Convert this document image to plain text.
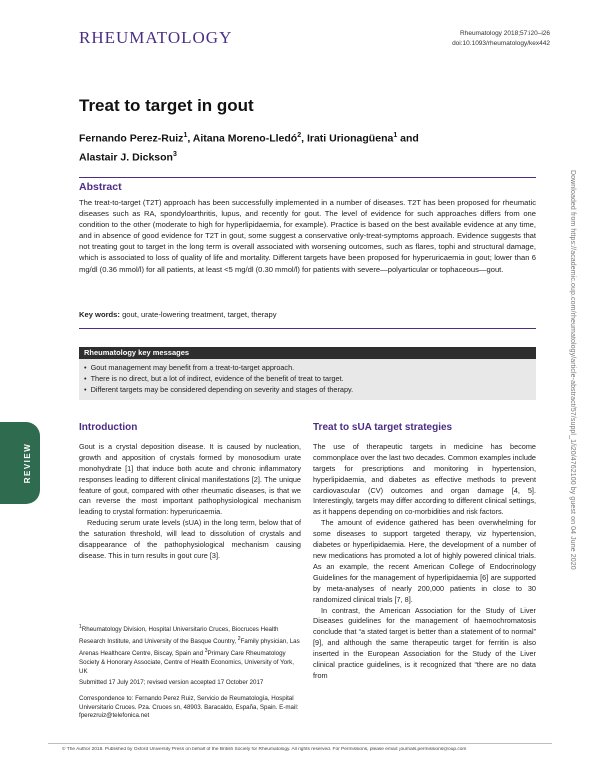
RHEUMATOLOGY	Rheumatology 2018;57:i20–i26
doi:10.1093/rheumatology/kex442
Treat to target in gout
Fernando Perez-Ruiz$^1$, Aitana Moreno-Lledó$^2$, Irati Urionagüena$^1$ and
Alastair J. Dickson$^3$
Abstract
The treat-to-target (T2T) approach has been successfully implemented in a number of diseases. T2T has been proposed for rheumatic diseases such as RA, spondyloarthritis, lupus, and recently for gout. The level of evidence for such approaches differs from one condition to the other (moderate to high for hyperlipidaemia, for example). Practice is based on the best available evidence at any time, and in absence of good evidence for T2T in gout, some suggest a conservative only-treat-symptoms approach. Evidence suggests that not treating gout to target in the long term is overall associated with worsening outcomes, such as flares, tophi and structural damage, which is associated to loss of quality of life and mortality. Different targets have been proposed for hyperuricaemia in gout; lower than 6 mg/dl (0.36 mmol/l) for all patients, at least <5 mg/dl (0.30 mmol/l) for patients with severe—polyarticular or tophaceous—gout.
Key words: gout, urate-lowering treatment, target, therapy
Rheumatology key messages
• Gout management may benefit from a treat-to-target approach.
• There is no direct, but a lot of indirect, evidence of the benefit of treat to target.
• Different targets may be considered depending on severity and stages of therapy.
REVIEW
Introduction

Gout is a crystal deposition disease. It is caused by nucleation, growth and apposition of crystals formed by monosodium urate monohydrate [1] that induce both acute and chronic inflammatory responses leading to different clinical manifestations [2]. The unique feature of gout, compared with other rheumatic diseases, is that we can reverse the most important pathophysiological mechanism leading to crystal formation: hyperuricaemia.

Reducing serum urate levels (sUA) in the long term, below that of the saturation threshold, will lead to dissolution of crystals and disappearance of the pathophysiological mechanism causing disease. This in turn results in gout cure [3].

$^1$Rheumatology Division, Hospital Universitario Cruces, Biocruces Health Research Institute, and University of the Basque Country, $^2$Family physician, Las Arenas Healthcare Centre, Biscay, Spain and $^3$Primary Care Rheumatology Society & Honorary Associate, Centre of Health Economics, University of York, UK

Submitted 17 July 2017; revised version accepted 17 October 2017

Correspondence to: Fernando Perez Ruiz, Servicio de Reumatología, Hospital Universitario Cruces. Pza. Cruces sn, 48903. Baracaldo, España, Spain. E-mail: fperezruiz@telefonica.net

Treat to sUA target strategies

The use of therapeutic targets in medicine has become commonplace over the last two decades. Common examples include targets for prescriptions and monitoring in hypertension, hyperlipidaemia, and diabetes as effective methods to prevent cardiovascular (CV) outcomes and organ damage [4, 5]. Interestingly, targets may differ according to different clinical settings, as it happens depending on co-morbidities and risk factors.

The amount of evidence gathered has been overwhelming for some diseases to support targeted therapy, viz hypertension, diabetes or hyperlipidaemia. Here, the development of a number of new medications has promoted a lot of highly powered clinical trials. As an example, the recent American College of Endocrinology Guidelines for the management of hyperlipidaemia [6] are supported by meta-analyses of nearly 200,000 patients in close to 30 randomized clinical trials [7, 8].

In contrast, the American Association for the Study of Liver Diseases guidelines for the management of haemochromatosis conclude that “a stated target is better than a statement of to normal” [9], and although the same therapeutic target for ferritin is also inserted in the European Association for the Study of the Liver clinical practice guidelines, is it recognized that “there are no data from

Downloaded from https://academic.oup.com/rheumatology/article-abstract/57/suppl_1/i20/4762100 by guest on 04 June 2020
© The Author 2018. Published by Oxford University Press on behalf of the British Society for Rheumatology. All rights reserved. For Permissions, please email: journals.permissions@oup.com
